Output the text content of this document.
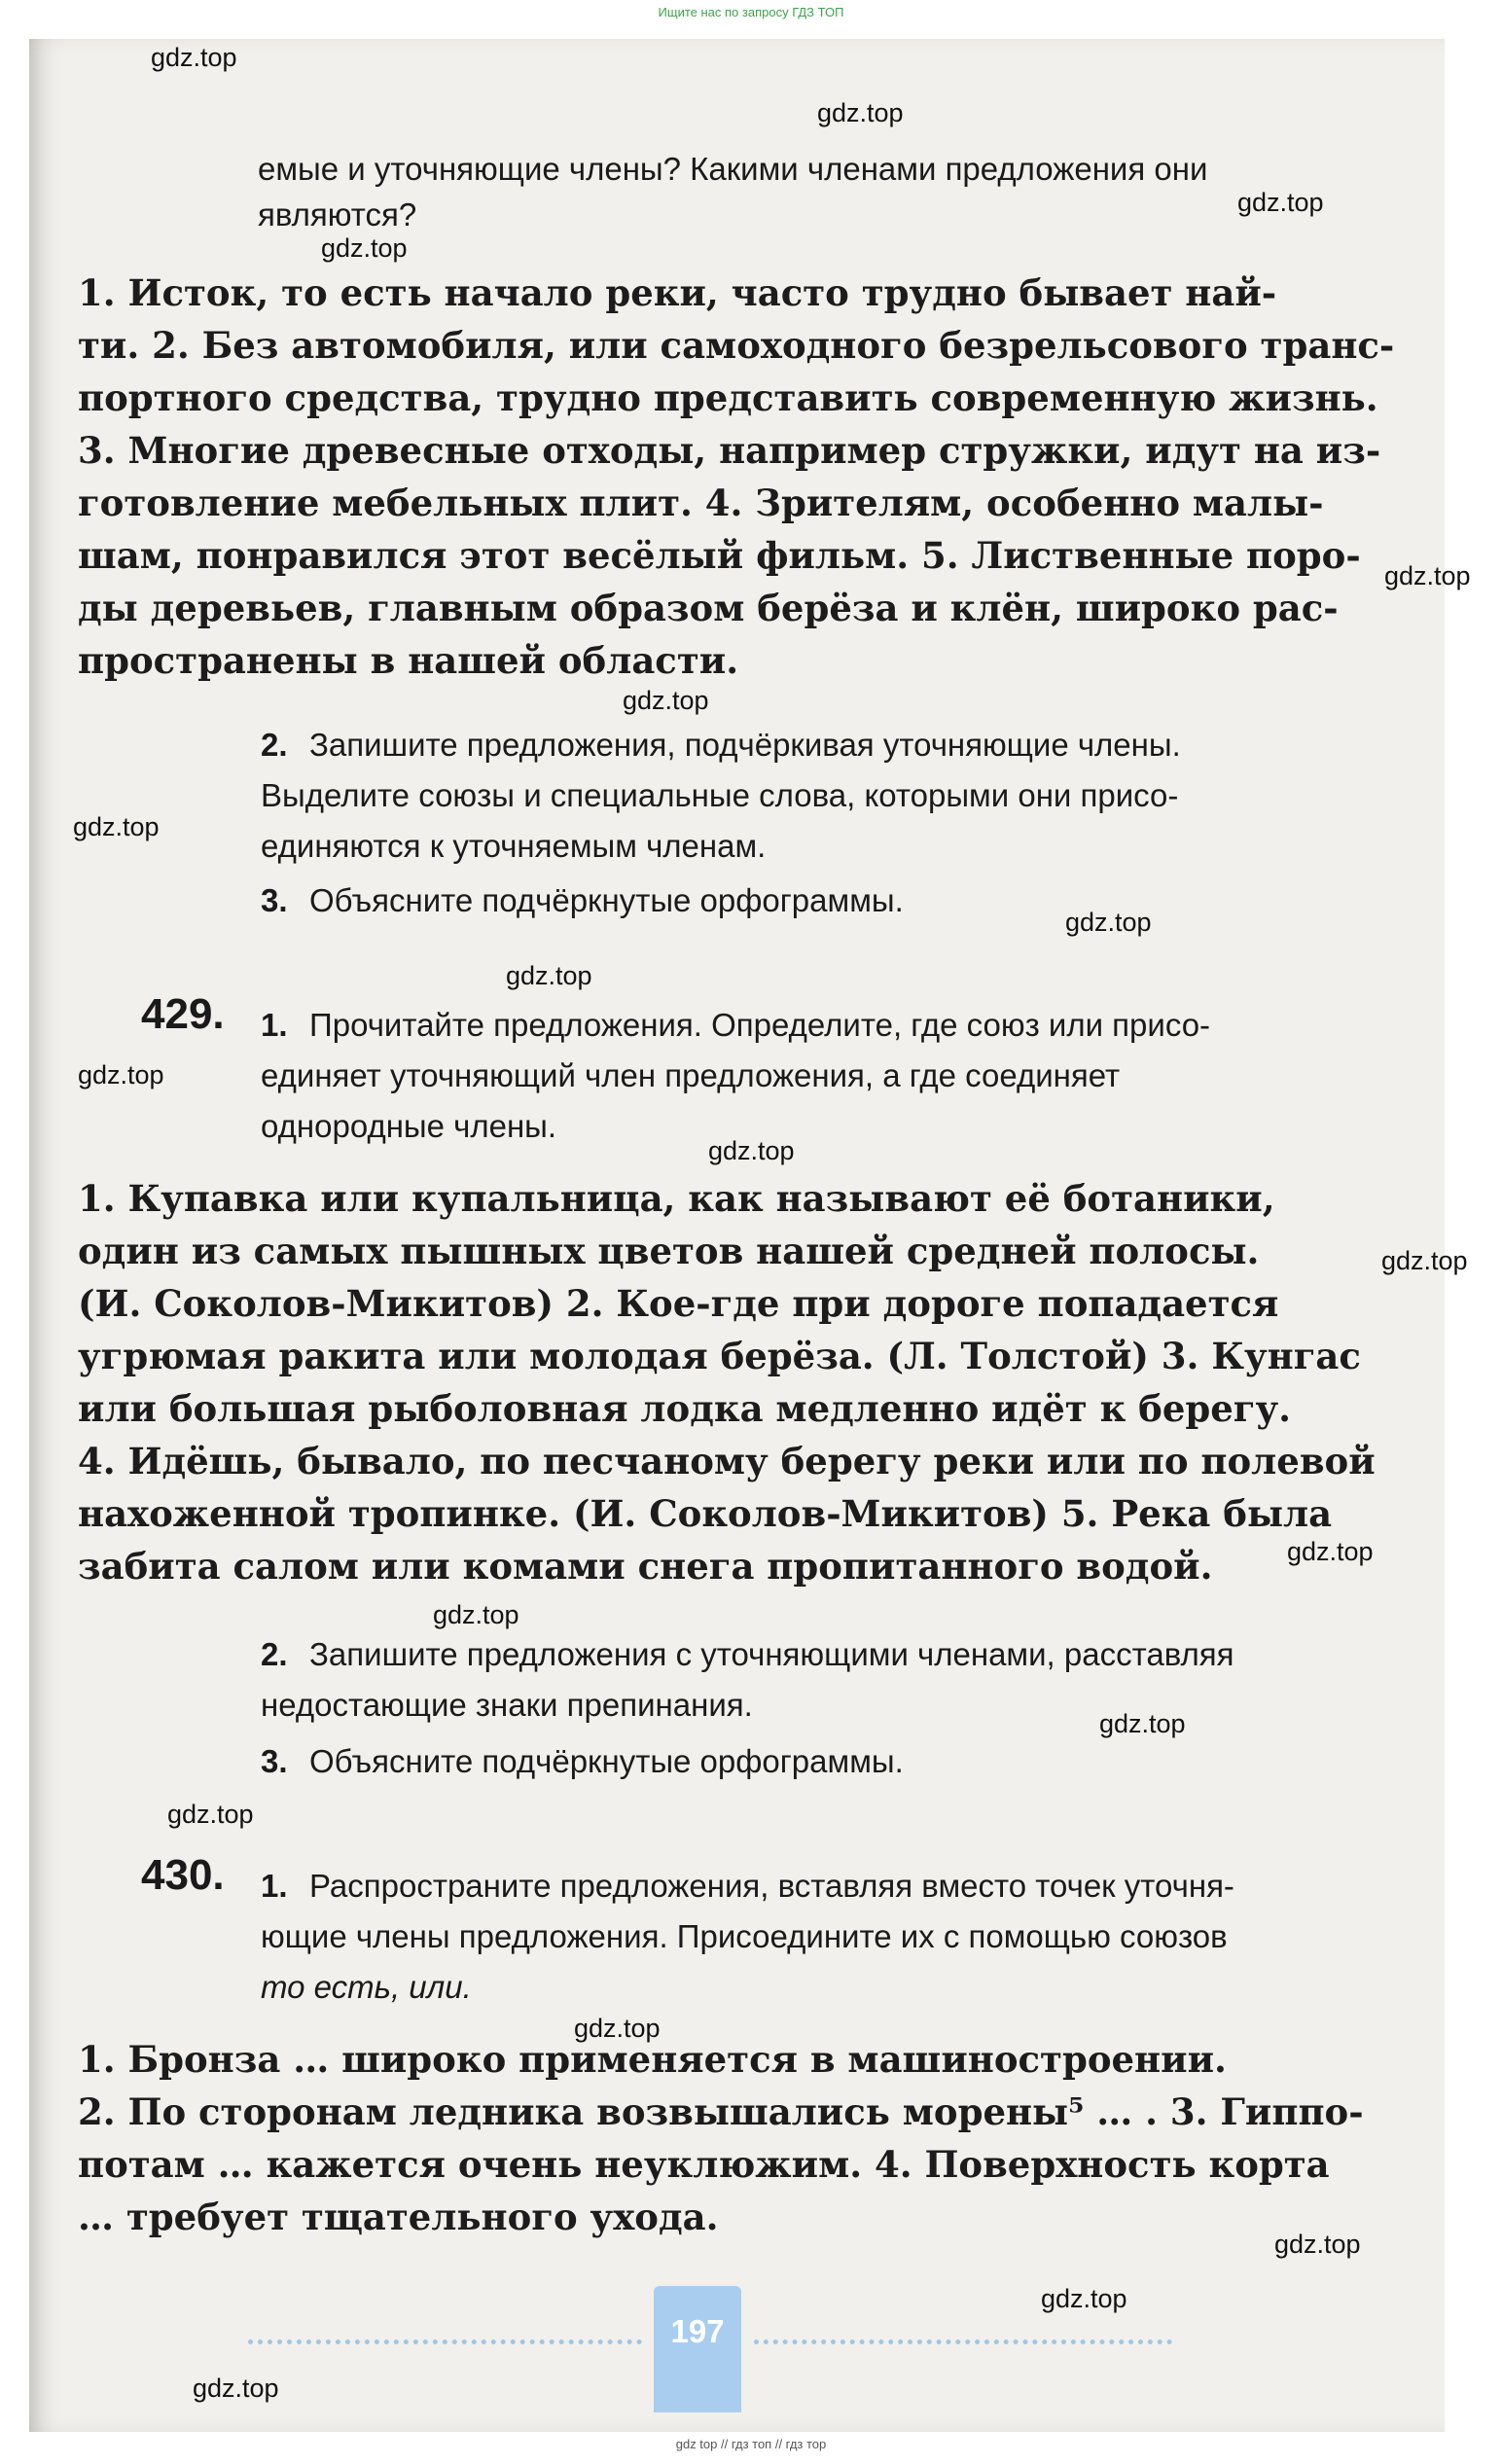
Ищите нас по запросу ГДЗ ТОП
емые и уточняющие члены? Какими членами предложения они
являются?
1. Исток, то есть начало реки, часто трудно бывает най-
ти. 2. Без автомобиля, или самоходного безрельсового транс-
портного средства, трудно представить современную жизнь.
3. Многие древесные отходы, например стружки, идут на из-
готовление мебельных плит. 4. Зрителям, особенно малы-
шам, понравился этот весёлый фильм. 5. Лиственные поро-
ды деревьев, главным образом берёза и клён, широко рас-
пространены в нашей области.
2. Запишите предложения, подчёркивая уточняющие члены.
Выделите союзы и специальные слова, которыми они присо-
единяются к уточняемым членам.
3. Объясните подчёркнутые орфограммы.
429. 1. Прочитайте предложения. Определите, где союз или присо-
единяет уточняющий член предложения, а где соединяет
однородные члены.
1. Купавка или купальница, как называют её ботаники,
один из самых пышных цветов нашей средней полосы.
(И. Соколов-Микитов) 2. Кое-где при дороге попадается
угрюмая ракита или молодая берёза. (Л. Толстой) 3. Кунгас
или большая рыболовная лодка медленно идёт к берегу.
4. Идёшь, бывало, по песчаному берегу реки или по полевой
нахоженной тропинке. (И. Соколов-Микитов) 5. Река была
забита салом или комами снега пропитанного водой.
2. Запишите предложения с уточняющими членами, расставляя
недостающие знаки препинания.
3. Объясните подчёркнутые орфограммы.
430. 1. Распространите предложения, вставляя вместо точек уточня-
ющие члены предложения. Присоедините их с помощью союзов
то есть, или.
1. Бронза … широко применяется в машиностроении.
2. По сторонам ледника возвышались морены⁵ … . 3. Гиппо-
потам … кажется очень неуклюжим. 4. Поверхность корта
… требует тщательного ухода.
197
gdz.top
gdz.top
gdz.top
gdz.top
gdz.top
gdz.top
gdz.top
gdz.top
gdz.top
gdz.top
gdz.top
gdz.top
gdz.top
gdz.top
gdz.top
gdz.top
gdz.top
gdz.top
gdz.top
gdz.top
gdz top // гдз топ // гдз тор
